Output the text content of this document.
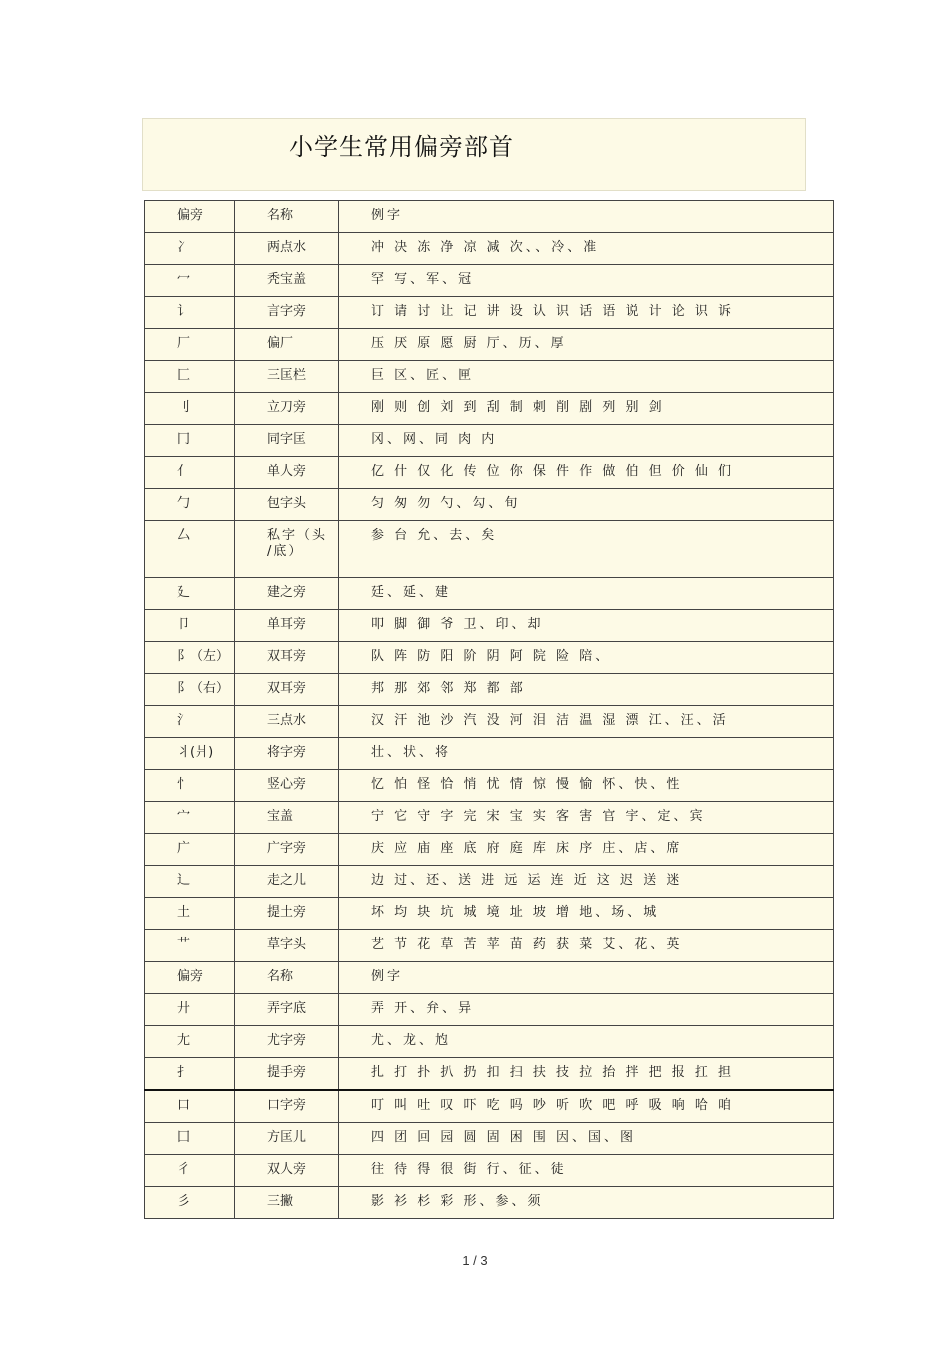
小学生常用偏旁部首
偏旁	名称	例字
冫	两点水	冲 决 冻 净 凉 减 次、、冷、准
冖	秃宝盖	罕 写、军、冠
讠	言字旁	订 请 讨 让 记 讲 设 认 识 话 语 说 计 论 识 诉
厂	偏厂	压 厌 原 愿 厨 厅、历、厚
匚	三匡栏	巨 区、匠、匣
刂	立刀旁	刚 则 创 刘 到 刮 制 刺 削 剧 列 别 剑
冂	同字匡	冈、网、同 肉 内
亻	单人旁	亿 什 仅 化 传 位 你 保 件 作 做 伯 但 价 仙 们
勹	包字头	匀 匆 勿 勺、勾、旬
厶	私字（头 /底）	参 台 允、去、矣
廴	建之旁	廷、延、建
卩	单耳旁	叩 脚 御 爷 卫、印、却
阝（左）	双耳旁	队 阵 防 阳 阶 阴 阿 院 险 陪、
阝（右）	双耳旁	邦 那 郊 邻 郑 都 部
氵	三点水	汉 汗 池 沙 汽 没 河 泪 洁 温 湿 漂 江、汪、活
丬(爿)	将字旁	壮、状、将
忄	竖心旁	忆 怕 怪 恰 悄 忧 情 惊 慢 愉 怀、快、性
宀	宝盖	宁 它 守 字 完 宋 宝 实 客 害 官 宇、定、宾
广	广字旁	庆 应 庙 座 底 府 庭 库 床 序 庄、店、席
辶	走之儿	边 过、还、送 进 远 运 连 近 这 迟 送 迷
土	提土旁	坏 均 块 坑 城 境 址 坡 增 地、场、城
艹	草字头	艺 节 花 草 苦 苹 苗 药 获 菜 艾、花、英
偏旁	名称	例字
廾	弄字底	弄 开、弁、异
尢	尤字旁	尤、龙、尥
扌	提手旁	扎 打 扑 扒 扔 扣 扫 扶 技 拉 抬 拌 把 报 扛 担
口	口字旁	叮 叫 吐 叹 吓 吃 吗 吵 听 吹 吧 呼 吸 响 哈 咱
囗	方匡儿	四 团 回 园 圆 固 困 围 因、国、图
彳	双人旁	往 待 得 很 街 行、征、徒
彡	三撇	影 衫 杉 彩 形、参、须
1 / 3
